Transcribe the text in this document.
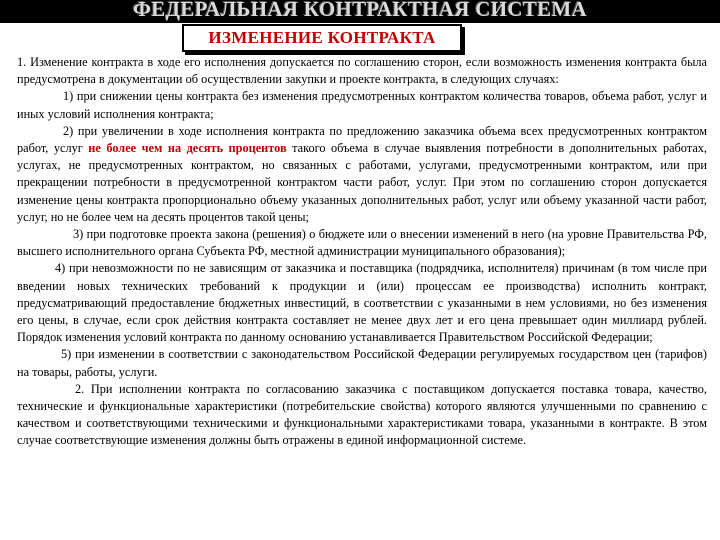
ФЕДЕРАЛЬНАЯ КОНТРАКТНАЯ СИСТЕМА
ИЗМЕНЕНИЕ КОНТРАКТА

1. Изменение контракта в ходе его исполнения допускается по соглашению сторон, если возможность изменения контракта была предусмотрена в документации об осуществлении закупки и проекте контракта, в следующих случаях:

1) при снижении цены контракта без изменения предусмотренных контрактом количества товаров, объема работ, услуг и иных условий исполнения контракта;

2) при увеличении в ходе исполнения контракта по предложению заказчика объема всех предусмотренных контрактом работ, услуг не более чем на десять процентов такого объема в случае выявления потребности в дополнительных работах, услугах, не предусмотренных контрактом, но связанных с работами, услугами, предусмотренными контрактом, или при прекращении потребности в предусмотренной контрактом части работ, услуг. При этом по соглашению сторон допускается изменение цены контракта пропорционально объему указанных дополнительных работ, услуг или объему указанной части работ, услуг, но не более чем на десять процентов такой цены;

3) при подготовке проекта закона (решения) о бюджете или о внесении изменений в него (на уровне Правительства РФ, высшего исполнительного органа Субъекта РФ, местной администрации муниципального образования);

4) при невозможности по не зависящим от заказчика и поставщика (подрядчика, исполнителя) причинам (в том числе при введении новых технических требований к продукции и (или) процессам ее производства) исполнить контракт, предусматривающий предоставление бюджетных инвестиций, в соответствии с указанными в нем условиями, но без изменения его цены, в случае, если срок действия контракта составляет не менее двух лет и его цена превышает один миллиард рублей. Порядок изменения условий контракта по данному основанию устанавливается Правительством Российской Федерации;

5) при изменении в соответствии с законодательством Российской Федерации регулируемых государством цен (тарифов) на товары, работы, услуги.

2. При исполнении контракта по согласованию заказчика с поставщиком допускается поставка товара, качество, технические и функциональные характеристики (потребительские свойства) которого являются улучшенными по сравнению с качеством и соответствующими техническими и функциональными характеристиками товара, указанными в контракте. В этом случае соответствующие изменения должны быть отражены в единой информационной системе.
